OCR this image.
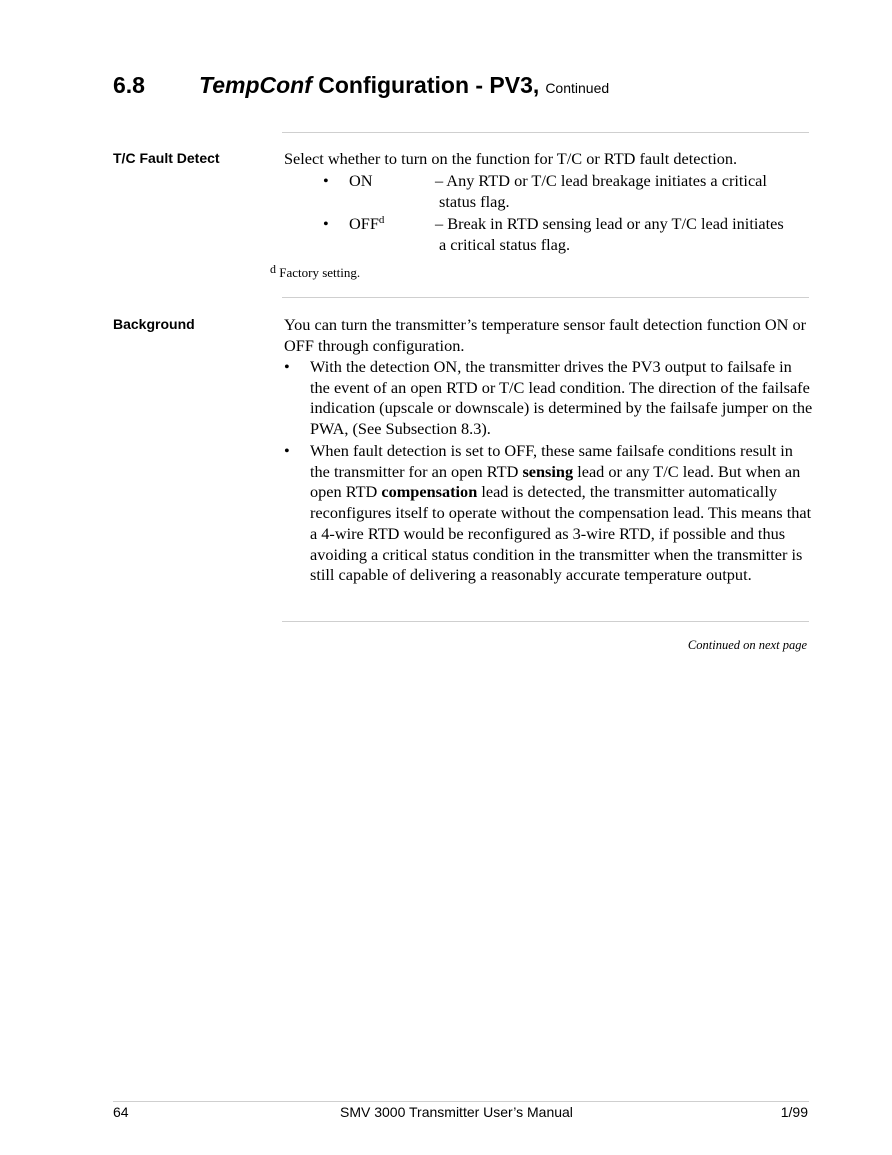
6.8 TempConf Configuration - PV3, Continued
T/C Fault Detect	Select whether to turn on the function for T/C or RTD fault detection.
• ON	– Any RTD or T/C lead breakage initiates a critical
status flag.
• OFF$^d$	– Break in RTD sensing lead or any T/C lead initiates
a critical status flag.
d Factory setting.
Background	You can turn the transmitter’s temperature sensor fault detection function ON or OFF through configuration.
• With the detection ON, the transmitter drives the PV3 output to failsafe in the event of an open RTD or T/C lead condition. The direction of the failsafe indication (upscale or downscale) is determined by the failsafe jumper on the PWA, (See Subsection 8.3).
• When fault detection is set to OFF, these same failsafe conditions result in the transmitter for an open RTD sensing lead or any T/C lead. But when an open RTD compensation lead is detected, the transmitter automatically reconfigures itself to operate without the compensation lead. This means that a 4-wire RTD would be reconfigured as 3-wire RTD, if possible and thus avoiding a critical status condition in the transmitter when the transmitter is still capable of delivering a reasonably accurate temperature output.
Continued on next page
64	SMV 3000 Transmitter User’s Manual	1/99
